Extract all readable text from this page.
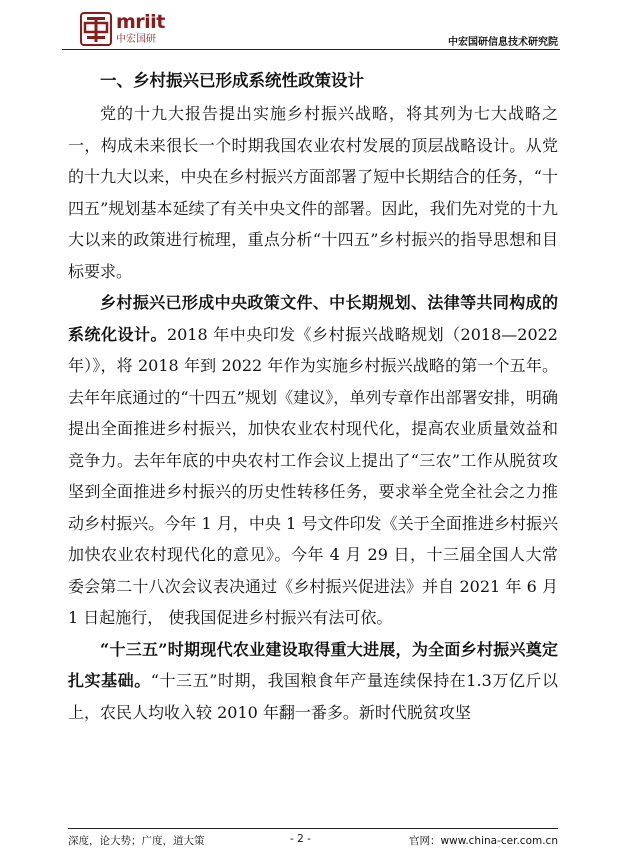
mriit
中宏国研	中宏国研信息技术研究院
一、乡村振兴已形成系统性政策设计

党的十九大报告提出实施乡村振兴战略，将其列为七大战略之一，构成未来很长一个时期我国农业农村发展的顶层战略设计。从党的十九大以来，中央在乡村振兴方面部署了短中长期结合的任务，“十四五”规划基本延续了有关中央文件的部署。因此，我们先对党的十九大以来的政策进行梳理，重点分析“十四五”乡村振兴的指导思想和目标要求。

乡村振兴已形成中央政策文件、中长期规划、法律等共同构成的系统化设计。2018 年中央印发《乡村振兴战略规划（2018—2022年）》，将 2018 年到 2022 年作为实施乡村振兴战略的第一个五年。去年年底通过的“十四五”规划《建议》，单列专章作出部署安排，明确提出全面推进乡村振兴，加快农业农村现代化，提高农业质量效益和竞争力。去年年底的中央农村工作会议上提出了“三农”工作从脱贫攻坚到全面推进乡村振兴的历史性转移任务，要求举全党全社会之力推动乡村振兴。今年 1 月，中央 1 号文件印发《关于全面推进乡村振兴加快农业农村现代化的意见》。今年 4 月 29 日，十三届全国人大常委会第二十八次会议表决通过《乡村振兴促进法》并自 2021 年 6 月 1 日起施行， 使我国促进乡村振兴有法可依。

“十三五”时期现代农业建设取得重大进展，为全面乡村振兴奠定扎实基础。“十三五”时期，我国粮食年产量连续保持在1.3万亿斤以上，农民人均收入较 2010 年翻一番多。新时代脱贫攻坚

深度，论大势；广度，道大策	- 2 -	官网：www.china-cer.com.cn
